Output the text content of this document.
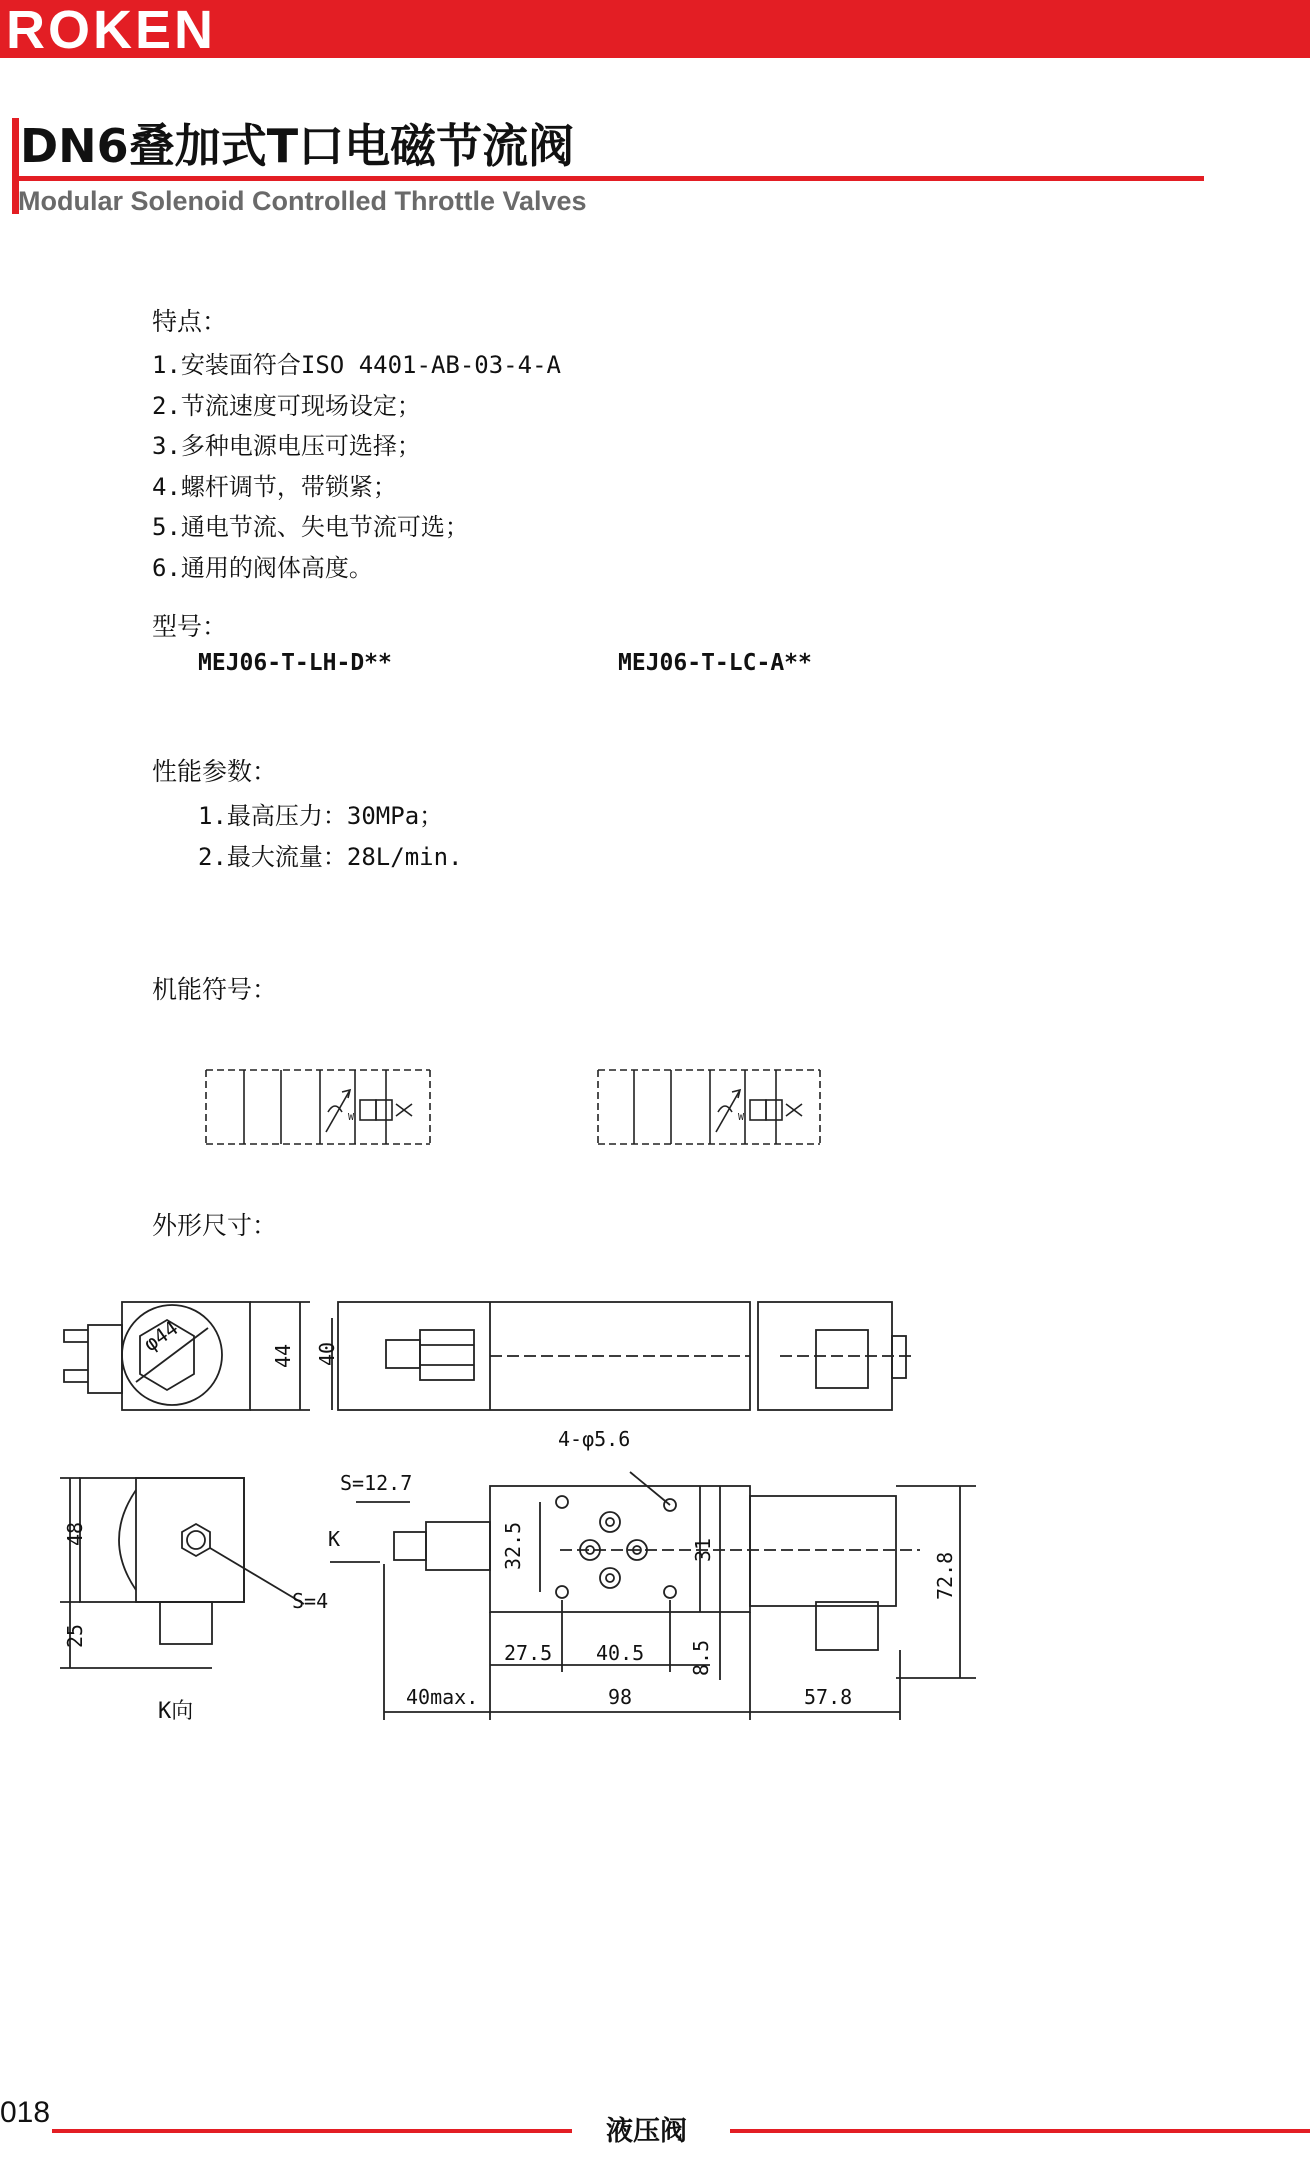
ROKEN
DN6叠加式T口电磁节流阀
Modular Solenoid Controlled Throttle Valves
特点：
1.安装面符合ISO 4401-AB-03-4-A
2.节流速度可现场设定；
3.多种电源电压可选择；
4.螺杆调节，带锁紧；
5.通电节流、失电节流可选；
6.通用的阀体高度。
型号：
MEJ06-T-LH-D**	MEJ06-T-LC-A**
性能参数：
1.最高压力：30MPa；
2.最大流量：28L/min.
机能符号：
W	W
外形尺寸：
φ44	44 40
4-φ5.6
S=12.7
K
S=4
48
25
K向
32.5	31
27.5 40.5 8.5
72.8
40max.	98	57.8
018
液压阀
